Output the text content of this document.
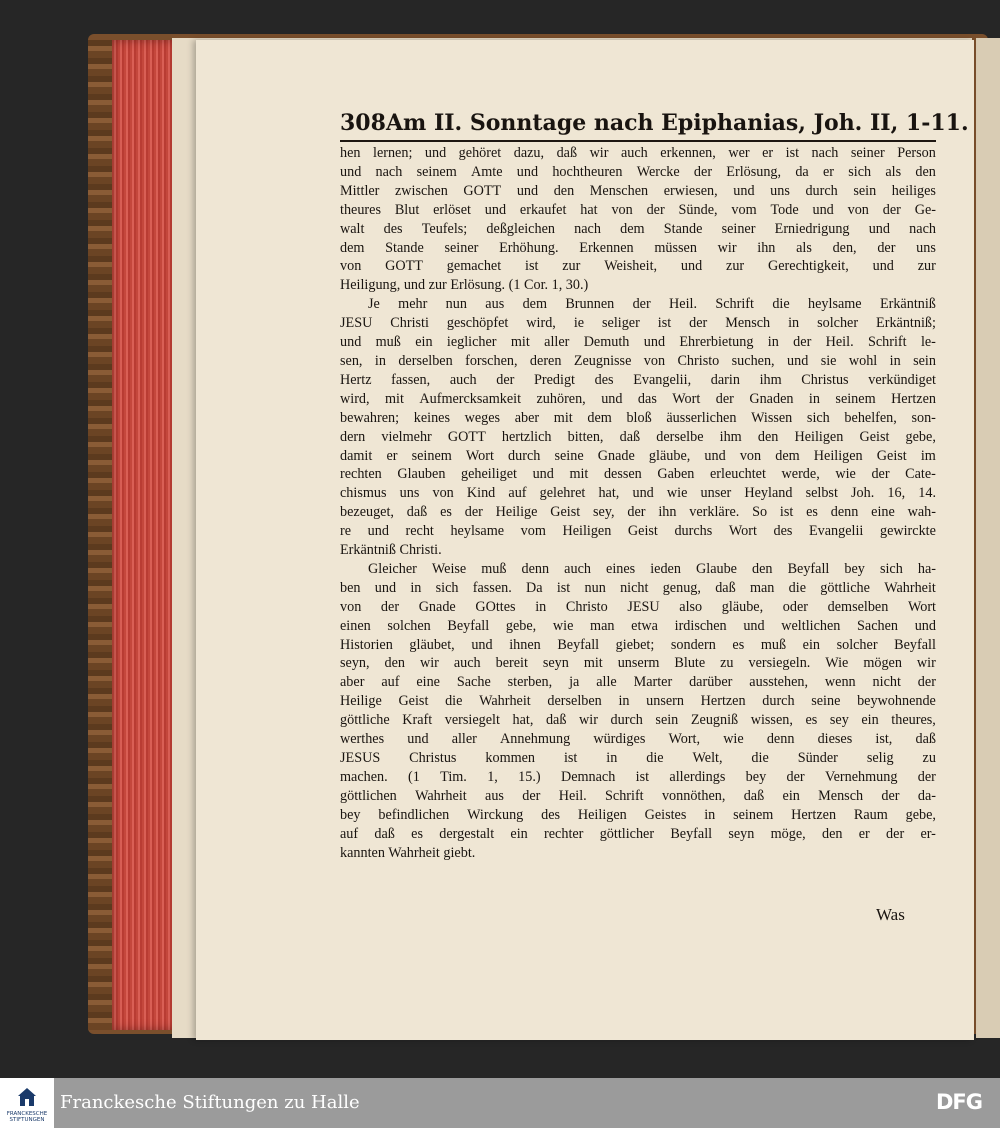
308 Am II. Sonntage nach Epiphanias, Joh. II, 1-11.
hen lernen; und gehöret dazu, daß wir auch erkennen, wer er ist nach seiner Person
und nach seinem Amte und hochtheuren Wercke der Erlösung, da er sich als den
Mittler zwischen GOTT und den Menschen erwiesen, und uns durch sein heiliges
theures Blut erlöset und erkaufet hat von der Sünde, vom Tode und von der Ge-
walt des Teufels; deßgleichen nach dem Stande seiner Erniedrigung und nach
dem Stande seiner Erhöhung. Erkennen müssen wir ihn als den, der uns
von GOTT gemachet ist zur Weisheit, und zur Gerechtigkeit, und zur
Heiligung, und zur Erlösung. (1 Cor. 1, 30.)
Je mehr nun aus dem Brunnen der Heil. Schrift die heylsame Erkäntniß
JESU Christi geschöpfet wird, ie seliger ist der Mensch in solcher Erkäntniß;
und muß ein ieglicher mit aller Demuth und Ehrerbietung in der Heil. Schrift le-
sen, in derselben forschen, deren Zeugnisse von Christo suchen, und sie wohl in sein
Hertz fassen, auch der Predigt des Evangelii, darin ihm Christus verkündiget
wird, mit Aufmercksamkeit zuhören, und das Wort der Gnaden in seinem Hertzen
bewahren; keines weges aber mit dem bloß äusserlichen Wissen sich behelfen, son-
dern vielmehr GOTT hertzlich bitten, daß derselbe ihm den Heiligen Geist gebe,
damit er seinem Wort durch seine Gnade gläube, und von dem Heiligen Geist im
rechten Glauben geheiliget und mit dessen Gaben erleuchtet werde, wie der Cate-
chismus uns von Kind auf gelehret hat, und wie unser Heyland selbst Joh. 16, 14.
bezeuget, daß es der Heilige Geist sey, der ihn verkläre. So ist es denn eine wah-
re und recht heylsame vom Heiligen Geist durchs Wort des Evangelii gewirckte
Erkäntniß Christi.
Gleicher Weise muß denn auch eines ieden Glaube den Beyfall bey sich ha-
ben und in sich fassen. Da ist nun nicht genug, daß man die göttliche Wahrheit
von der Gnade GOttes in Christo JESU also gläube, oder demselben Wort
einen solchen Beyfall gebe, wie man etwa irdischen und weltlichen Sachen und
Historien gläubet, und ihnen Beyfall giebet; sondern es muß ein solcher Beyfall
seyn, den wir auch bereit seyn mit unserm Blute zu versiegeln. Wie mögen wir
aber auf eine Sache sterben, ja alle Marter darüber ausstehen, wenn nicht der
Heilige Geist die Wahrheit derselben in unsern Hertzen durch seine beywohnende
göttliche Kraft versiegelt hat, daß wir durch sein Zeugniß wissen, es sey ein theures,
werthes und aller Annehmung würdiges Wort, wie denn dieses ist, daß
JESUS Christus kommen ist in die Welt, die Sünder selig zu
machen. (1 Tim. 1, 15.) Demnach ist allerdings bey der Vernehmung der
göttlichen Wahrheit aus der Heil. Schrift vonnöthen, daß ein Mensch der da-
bey befindlichen Wirckung des Heiligen Geistes in seinem Hertzen Raum gebe,
auf daß es dergestalt ein rechter göttlicher Beyfall seyn möge, den er der er-
kannten Wahrheit giebt.
Was
FRANCKESCHE STIFTUNGEN
Franckesche Stiftungen zu Halle	DFG
